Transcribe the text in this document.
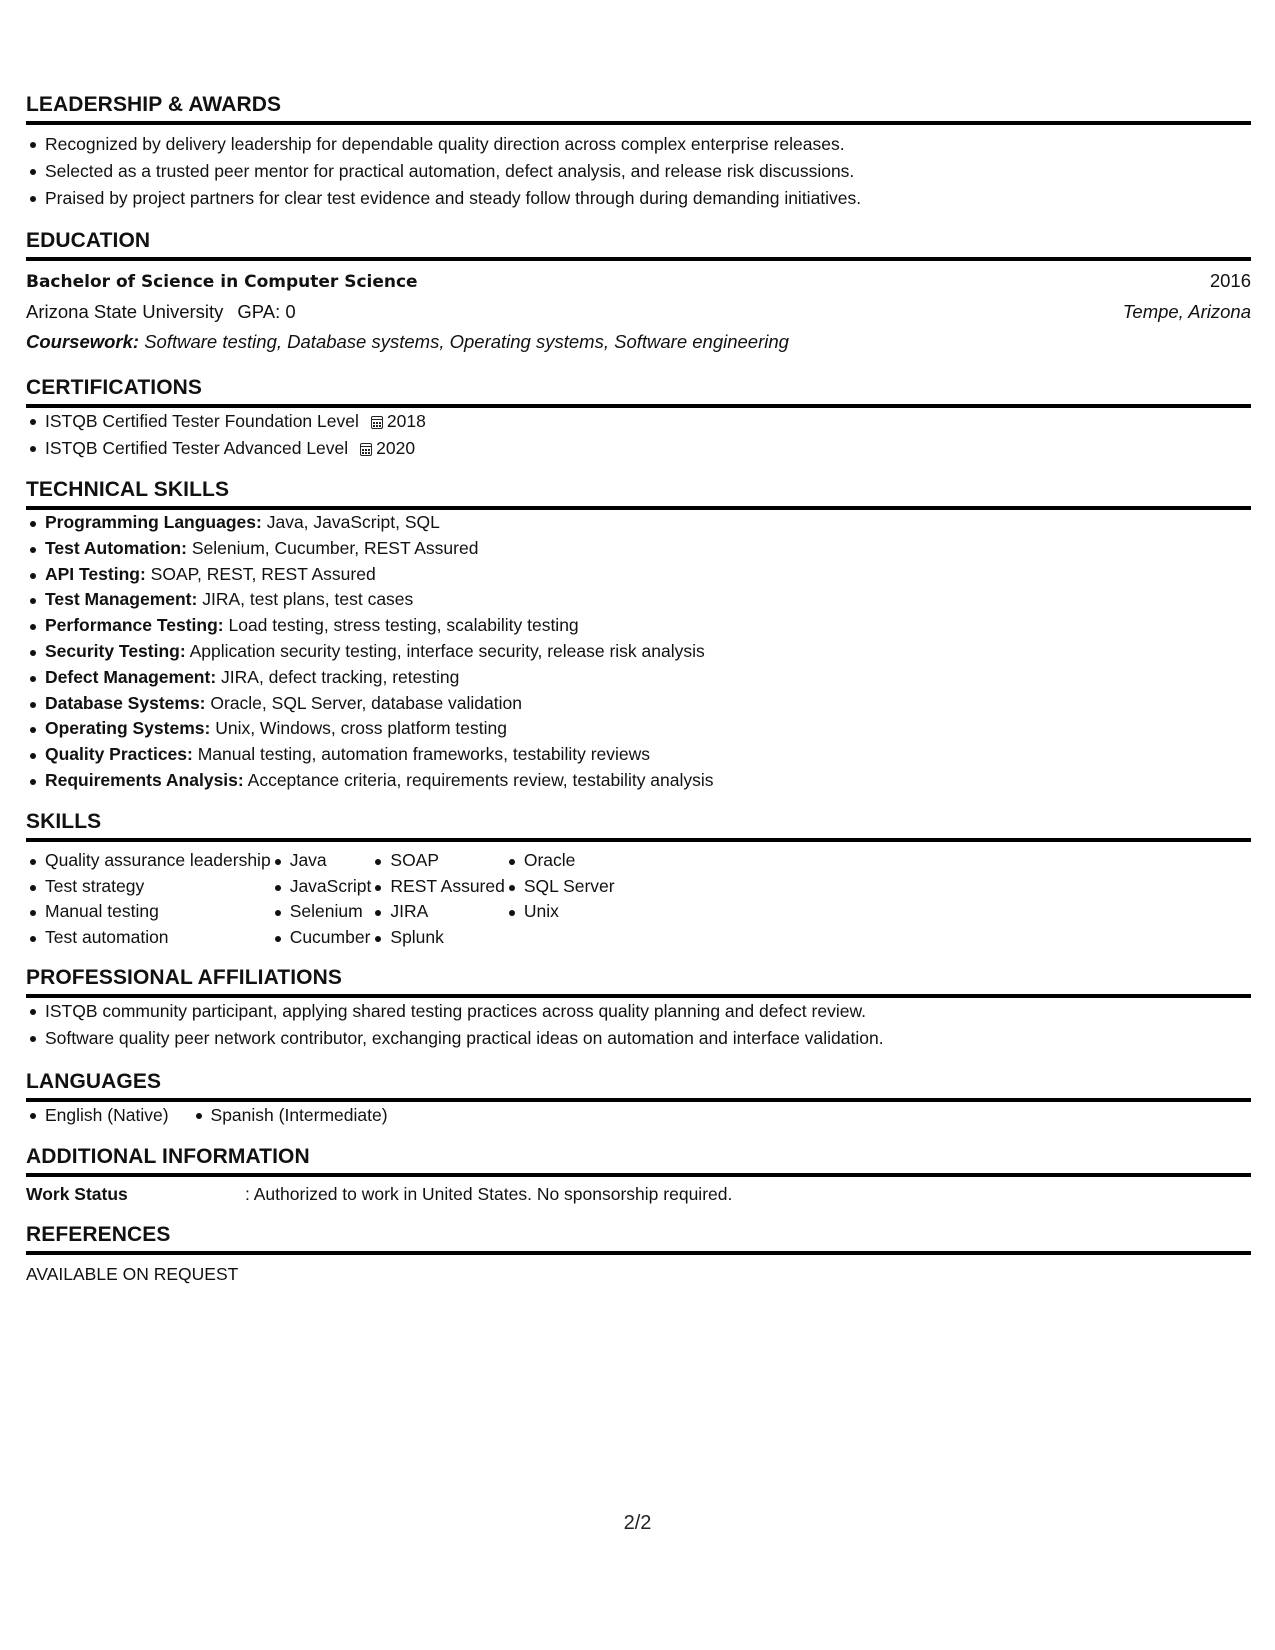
LEADERSHIP & AWARDS
Recognized by delivery leadership for dependable quality direction across complex enterprise releases.
Selected as a trusted peer mentor for practical automation, defect analysis, and release risk discussions.
Praised by project partners for clear test evidence and steady follow through during demanding initiatives.
EDUCATION
Bachelor of Science in Computer Science	2016
Arizona State University GPA: 0	Tempe, Arizona
Coursework: Software testing, Database systems, Operating systems, Software engineering
CERTIFICATIONS
ISTQB Certified Tester Foundation Level 2018
ISTQB Certified Tester Advanced Level 2020
TECHNICAL SKILLS
Programming Languages: Java, JavaScript, SQL
Test Automation: Selenium, Cucumber, REST Assured
API Testing: SOAP, REST, REST Assured
Test Management: JIRA, test plans, test cases
Performance Testing: Load testing, stress testing, scalability testing
Security Testing: Application security testing, interface security, release risk analysis
Defect Management: JIRA, defect tracking, retesting
Database Systems: Oracle, SQL Server, database validation
Operating Systems: Unix, Windows, cross platform testing
Quality Practices: Manual testing, automation frameworks, testability reviews
Requirements Analysis: Acceptance criteria, requirements review, testability analysis
SKILLS
Quality assurance leadership
Test strategy
Manual testing
Test automation
Java
JavaScript
Selenium
Cucumber
SOAP
REST Assured
JIRA
Splunk
Oracle
SQL Server
Unix
PROFESSIONAL AFFILIATIONS
ISTQB community participant, applying shared testing practices across quality planning and defect review.
Software quality peer network contributor, exchanging practical ideas on automation and interface validation.
LANGUAGES
English (Native)	Spanish (Intermediate)
ADDITIONAL INFORMATION
Work Status	: Authorized to work in United States. No sponsorship required.
REFERENCES
AVAILABLE ON REQUEST
2/2
